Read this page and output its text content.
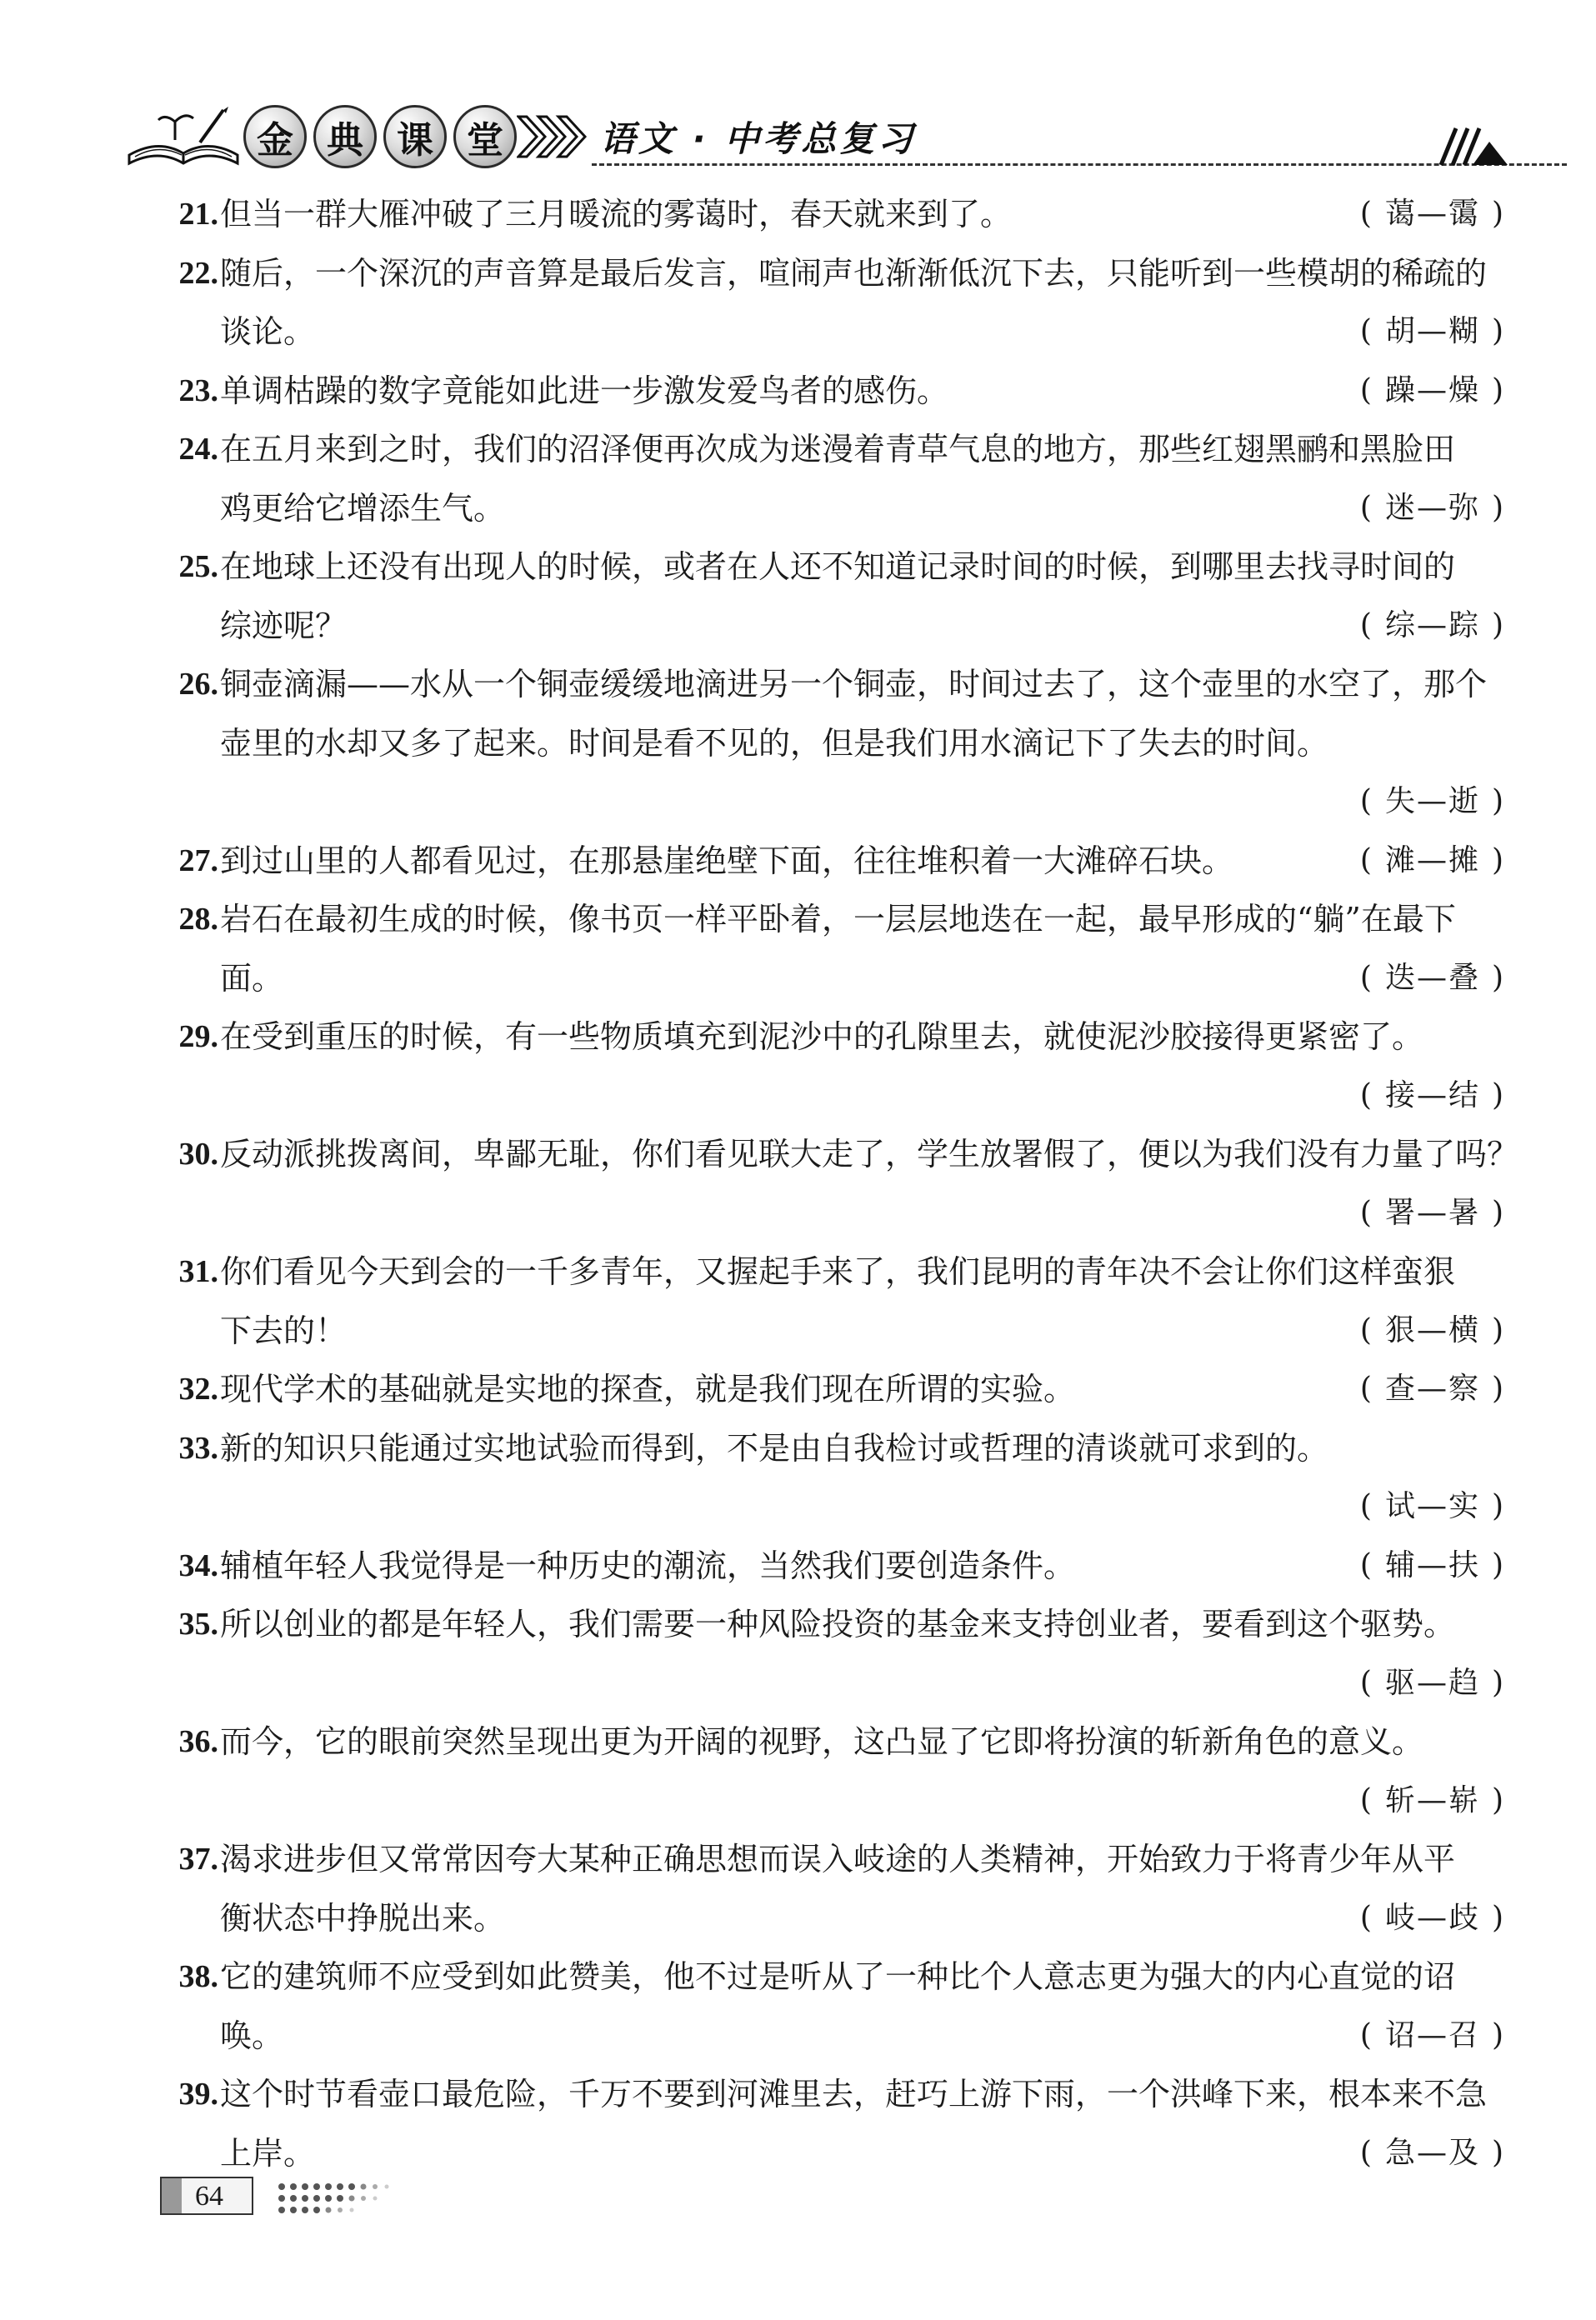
金 典 课 堂	语文 · 中考总复习
21. 但当一群大雁冲破了三月暖流的雾蔼时，春天就来到了。	( 蔼—霭 )
22. 随后，一个深沉的声音算是最后发言，喧闹声也渐渐低沉下去，只能听到一些模胡的稀疏的
谈论。	( 胡—糊 )
23. 单调枯躁的数字竟能如此进一步激发爱鸟者的感伤。	( 躁—燥 )
24. 在五月来到之时，我们的沼泽便再次成为迷漫着青草气息的地方，那些红翅黑鹂和黑脸田
鸡更给它增添生气。	( 迷—弥 )
25. 在地球上还没有出现人的时候，或者在人还不知道记录时间的时候，到哪里去找寻时间的
综迹呢？	( 综—踪 )
26. 铜壶滴漏——水从一个铜壶缓缓地滴进另一个铜壶，时间过去了，这个壶里的水空了，那个
壶里的水却又多了起来。时间是看不见的，但是我们用水滴记下了失去的时间。
( 失—逝 )
27. 到过山里的人都看见过，在那悬崖绝壁下面，往往堆积着一大滩碎石块。	( 滩—摊 )
28. 岩石在最初生成的时候，像书页一样平卧着，一层层地迭在一起，最早形成的“躺”在最下
面。	( 迭—叠 )
29. 在受到重压的时候，有一些物质填充到泥沙中的孔隙里去，就使泥沙胶接得更紧密了。
( 接—结 )
30. 反动派挑拨离间，卑鄙无耻，你们看见联大走了，学生放署假了，便以为我们没有力量了吗？
( 署—暑 )
31. 你们看见今天到会的一千多青年，又握起手来了，我们昆明的青年决不会让你们这样蛮狠
下去的！	( 狠—横 )
32. 现代学术的基础就是实地的探查，就是我们现在所谓的实验。	( 查—察 )
33. 新的知识只能通过实地试验而得到，不是由自我检讨或哲理的清谈就可求到的。
( 试—实 )
34. 辅植年轻人我觉得是一种历史的潮流，当然我们要创造条件。	( 辅—扶 )
35. 所以创业的都是年轻人，我们需要一种风险投资的基金来支持创业者，要看到这个驱势。
( 驱—趋 )
36. 而今，它的眼前突然呈现出更为开阔的视野，这凸显了它即将扮演的斩新角色的意义。
( 斩—崭 )
37. 渴求进步但又常常因夸大某种正确思想而误入岐途的人类精神，开始致力于将青少年从平
衡状态中挣脱出来。	( 岐—歧 )
38. 它的建筑师不应受到如此赞美，他不过是听从了一种比个人意志更为强大的内心直觉的诏
唤。	( 诏—召 )
39. 这个时节看壶口最危险，千万不要到河滩里去，赶巧上游下雨，一个洪峰下来，根本来不急
上岸。	( 急—及 )
64
